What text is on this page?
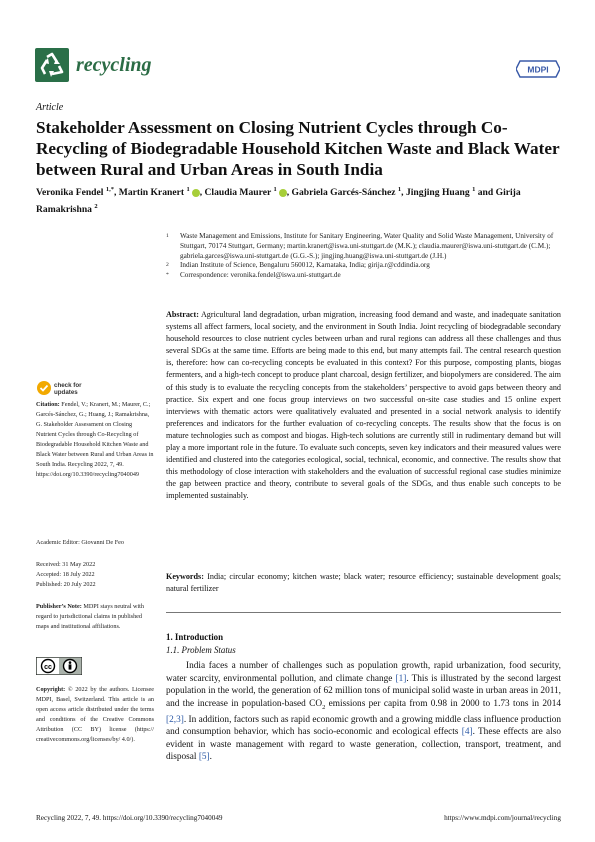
recycling	MDPI
Article
Stakeholder Assessment on Closing Nutrient Cycles through Co-Recycling of Biodegradable Household Kitchen Waste and Black Water between Rural and Urban Areas in South India
Veronika Fendel $^{1,*}$, Martin Kranert $^1$ , Claudia Maurer $^1$ , Gabriela Garcés-Sánchez $^1$, Jingjing Huang $^1$ and Girija Ramakrishna $^2$
1 Waste Management and Emissions, Institute for Sanitary Engineering, Water Quality and Solid Waste Management, University of Stuttgart, 70174 Stuttgart, Germany; martin.kranert@iswa.uni-stuttgart.de (M.K.); claudia.maurer@iswa.uni-stuttgart.de (C.M.); gabriela.garces@iswa.uni-stuttgart.de (G.G.-S.); jingjing.huang@iswa.uni-stuttgart.de (J.H.)
2 Indian Institute of Science, Bengaluru 560012, Karnataka, India; girija.r@cddindia.org
* Correspondence: veronika.fendel@iswa.uni-stuttgart.de
Abstract: Agricultural land degradation, urban migration, increasing food demand and waste, and inadequate sanitation systems all affect farmers, local society, and the environment in South India. Joint recycling of biodegradable secondary household resources to close nutrient cycles between urban and rural regions can address all these challenges and thus several SDGs at the same time. Efforts are being made to this end, but many attempts fail. The central research question is, therefore: how can co-recycling concepts be evaluated in this context? For this purpose, composting plants, biogas fermenters, and a high-tech concept to produce plant charcoal, design fertilizer, and biopolymers are considered. The aim of this study is to evaluate the recycling concepts from the stakeholders’ perspective to avoid gaps between theory and practice. Six expert and one focus group interviews on two successful on-site case studies and 15 online expert interviews with thematic actors were qualitatively evaluated and presented in a social network analysis to identify preferences and indicators for the further evaluation of co-recycling concepts. The results show that the focus is on mature technologies such as compost and biogas. High-tech solutions are currently still in rudimentary demand but will play a more important role in the future. To evaluate such concepts, seven key indicators and their measured values were identified and clustered into the categories ecological, social, technical, economic, and connective. The results show that this methodology of close interaction with stakeholders and the evaluation of successful regional case studies minimize the gap between practice and theory, contribute to several goals of the SDGs, and thus enable such concepts to be implemented sustainably.
Keywords: India; circular economy; kitchen waste; black water; resource efficiency; sustainable development goals; natural fertilizer
check for
updates
Citation: Fendel, V.; Kranert, M.; Maurer, C.; Garcés-Sánchez, G.; Huang, J.; Ramakrishna, G. Stakeholder Assessment on Closing Nutrient Cycles through Co-Recycling of Biodegradable Household Kitchen Waste and Black Water between Rural and Urban Areas in South India. Recycling 2022, 7, 49. https://doi.org/10.3390/recycling7040049
Academic Editor: Giovanni De Feo
Received: 31 May 2022
Accepted: 18 July 2022
Published: 20 July 2022
Publisher’s Note: MDPI stays neutral with regard to jurisdictional claims in published maps and institutional affiliations.
cc
Copyright: © 2022 by the authors. Licensee MDPI, Basel, Switzerland. This article is an open access article distributed under the terms and conditions of the Creative Commons Attribution (CC BY) license (https:// creativecommons.org/licenses/by/ 4.0/).
1. Introduction
1.1. Problem Status
India faces a number of challenges such as population growth, rapid urbanization, food security, water scarcity, environmental pollution, and climate change [1]. This is illustrated by the second largest population in the world, the generation of 62 million tons of municipal solid waste in urban areas in 2011, and the increase in population-based $CO_2$ emissions per capita from 0.98 in 2000 to 1.73 tons in 2014 [2,3]. In addition, factors such as rapid economic growth and a growing middle class influence production and consumption behavior, which has socio-economic and ecological effects [4]. These effects are also evident in waste management with regard to waste generation, collection, transport, treatment, and disposal [5].
Recycling 2022, 7, 49. https://doi.org/10.3390/recycling7040049	https://www.mdpi.com/journal/recycling
